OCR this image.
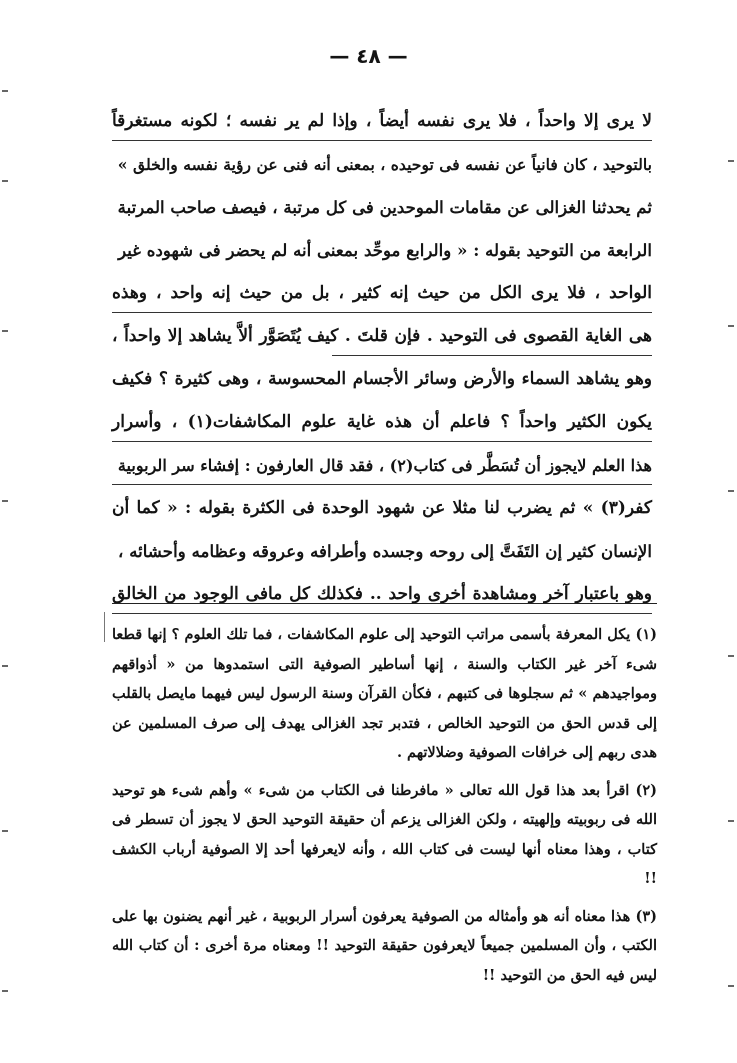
— ٤٨ —
لا يرى إلا واحداً ، فلا يرى نفسه أيضاً ، وإذا لم ير نفسه ؛ لكونه مستغرقاً
بالتوحيد ، كان فانياً عن نفسه فى توحيده ، بمعنى أنه فنى عن رؤية نفسه والخلق »
ثم يحدثنا الغزالى عن مقامات الموحدين فى كل مرتبة ، فيصف صاحب المرتبة
الرابعة من التوحيد بقوله : « والرابع موحِّد بمعنى أنه لم يحضر فى شهوده غير
الواحد ، فلا يرى الكل من حيث إنه كثير ، بل من حيث إنه واحد ، وهذه
هى الغاية القصوى فى التوحيد . فإن قلتَ . كيف يُتَصَوَّر ألاَّ يشاهد إلا واحداً ،
وهو يشاهد السماء والأرض وسائر الأجسام المحسوسة ، وهى كثيرة ؟ فكيف
يكون الكثير واحداً ؟ فاعلم أن هذه غاية علوم المكاشفات(١) ، وأسرار
هذا العلم لايجوز أن تُسَطَّر فى كتاب(٢) ، فقد قال العارفون : إفشاء سر الربوبية
كفر(٣) » ثم يضرب لنا مثلا عن شهود الوحدة فى الكثرة بقوله : « كما أن
الإنسان كثير إن التَفَتَّ إلى روحه وجسده وأطرافه وعروقه وعظامه وأحشائه ،
وهو باعتبار آخر ومشاهدة أخرى واحد .. فكذلك كل مافى الوجود من الخالق

(١) يكل المعرفة بأسمى مراتب التوحيد إلى علوم المكاشفات ، فما تلك العلوم ؟ إنها قطعا شىء آخر غير الكتاب والسنة ، إنها أساطير الصوفية التى استمدوها من « أذواقهم ومواجيدهم » ثم سجلوها فى كتبهم ، فكأن القرآن وسنة الرسول ليس فيهما مايصل بالقلب إلى قدس الحق من التوحيد الخالص ، فتدبر تجد الغزالى يهدف إلى صرف المسلمين عن هدى ربهم إلى خرافات الصوفية وضلالاتهم .

(٢) اقرأ بعد هذا قول الله تعالى « مافرطنا فى الكتاب من شىء » وأهم شىء هو توحيد الله فى ربوبيته وإلهيته ، ولكن الغزالى يزعم أن حقيقة التوحيد الحق لا يجوز أن تسطر فى كتاب ، وهذا معناه أنها ليست فى كتاب الله ، وأنه لايعرفها أحد إلا الصوفية أرباب الكشف !!

(٣) هذا معناه أنه هو وأمثاله من الصوفية يعرفون أسرار الربوبية ، غير أنهم يضنون بها على الكتب ، وأن المسلمين جميعاً لايعرفون حقيقة التوحيد !! ومعناه مرة أخرى : أن كتاب الله ليس فيه الحق من التوحيد !!
